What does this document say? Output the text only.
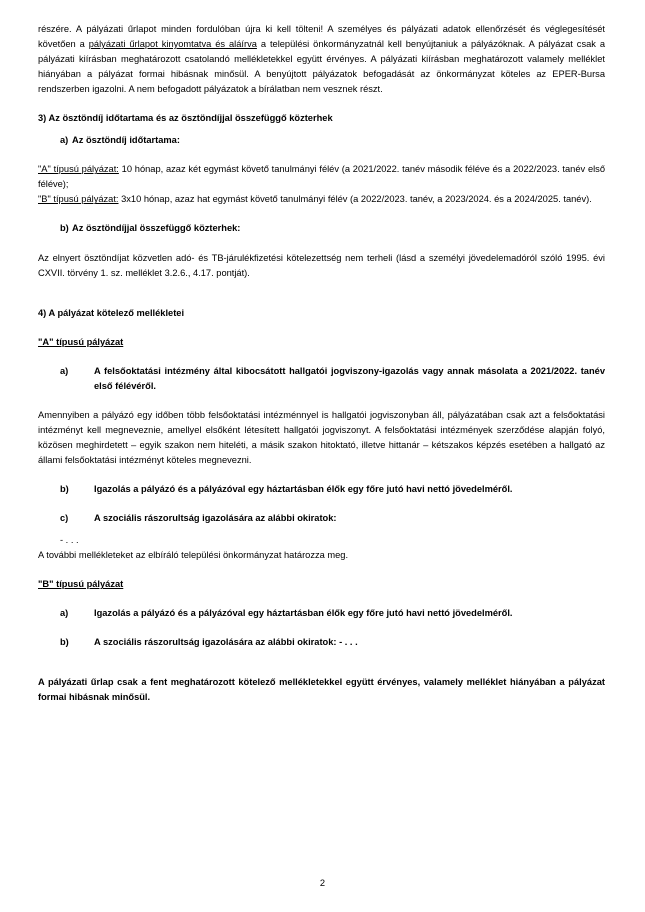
részére. A pályázati űrlapot minden fordulóban újra ki kell tölteni! A személyes és pályázati adatok ellenőrzését és véglegesítését követően a pályázati űrlapot kinyomtatva és aláírva a települési önkormányzatnál kell benyújtaniuk a pályázóknak. A pályázat csak a pályázati kiírásban meghatározott csatolandó mellékletekkel együtt érvényes. A pályázati kiírásban meghatározott valamely melléklet hiányában a pályázat formai hibásnak minősül. A benyújtott pályázatok befogadását az önkormányzat köteles az EPER-Bursa rendszerben igazolni. A nem befogadott pályázatok a bírálatban nem vesznek részt.

3) Az ösztöndíj időtartama és az ösztöndíjjal összefüggő közterhek

a) Az ösztöndíj időtartama:

"A" típusú pályázat: 10 hónap, azaz két egymást követő tanulmányi félév (a 2021/2022. tanév második féléve és a 2022/2023. tanév első féléve);

"B" típusú pályázat: 3x10 hónap, azaz hat egymást követő tanulmányi félév (a 2022/2023. tanév, a 2023/2024. és a 2024/2025. tanév).

b) Az ösztöndíjjal összefüggő közterhek:

Az elnyert ösztöndíjat közvetlen adó- és TB-járulékfizetési kötelezettség nem terheli (lásd a személyi jövedelemadóról szóló 1995. évi CXVII. törvény 1. sz. melléklet 3.2.6., 4.17. pontját).

4) A pályázat kötelező mellékletei

"A" típusú pályázat

a)	A felsőoktatási intézmény által kibocsátott hallgatói jogviszony-igazolás vagy annak másolata a 2021/2022. tanév első félévéről.

Amennyiben a pályázó egy időben több felsőoktatási intézménnyel is hallgatói jogviszonyban áll, pályázatában csak azt a felsőoktatási intézményt kell megneveznie, amellyel elsőként létesített hallgatói jogviszonyt. A felsőoktatási intézmények szerződése alapján folyó, közösen meghirdetett – egyik szakon nem hiteléti, a másik szakon hitoktató, illetve hittanár – kétszakos képzés esetében a hallgató az állami felsőoktatási intézményt köteles megnevezni.

b)	Igazolás a pályázó és a pályázóval egy háztartásban élők egy főre jutó havi nettó jövedelméről.
c)	A szociális rászorultság igazolására az alábbi okiratok:

- . . .

A további mellékleteket az elbíráló települési önkormányzat határozza meg.

"B" típusú pályázat

a)	Igazolás a pályázó és a pályázóval egy háztartásban élők egy főre jutó havi nettó jövedelméről.
b)	A szociális rászorultság igazolására az alábbi okiratok: - . . .

A pályázati űrlap csak a fent meghatározott kötelező mellékletekkel együtt érvényes, valamely melléklet hiányában a pályázat formai hibásnak minősül.

2
